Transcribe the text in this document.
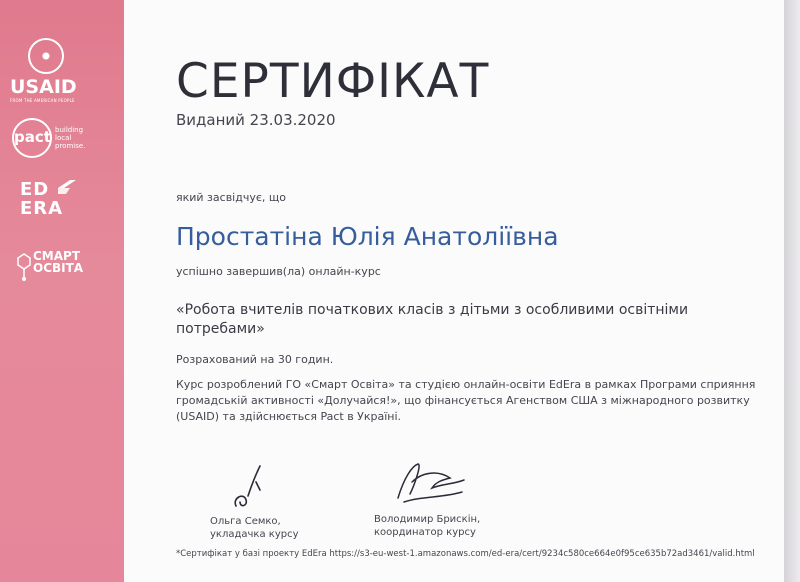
USAID
FROM THE AMERICAN PEOPLE
pact building
local
promise.
ED
ERA
СМАРТ
ОСВІТА
СЕРТИФІКАТ
Виданий 23.03.2020
який засвідчує, що
Простатіна Юлія Анатоліївна
успішно завершив(ла) онлайн-курс
«Робота вчителів початкових класів з дітьми з особливими освітніми потребами»
Розрахований на 30 годин.
Курс розроблений ГО «Смарт Освіта» та студією онлайн-освіти EdEra в рамках Програми сприяння громадській активності «Долучайся!», що фінансується Агенством США з міжнародного розвитку (USAID) та здійснюється Pact в Україні.
Ольга Семко,
укладачка курсу
Володимир Брискін,
координатор курсу
*Сертифікат у базі проекту EdEra https://s3-eu-west-1.amazonaws.com/ed-era/cert/9234c580ce664e0f95ce635b72ad3461/valid.html
